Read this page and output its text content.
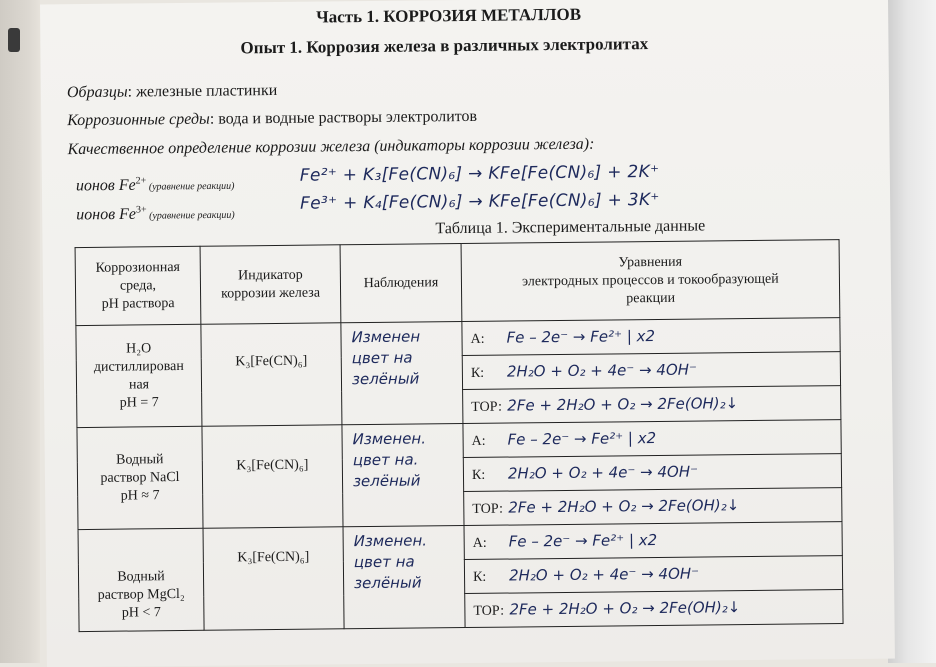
Часть 1. КОРРОЗИЯ МЕТАЛЛОВ
Опыт 1. Коррозия железа в различных электролитах
Образцы: железные пластинки
Коррозионные среды: вода и водные растворы электролитов
Качественное определение коррозии железа (индикаторы коррозии железа):
ионов $Fe^{2+}$ (уравнение реакции)
Fe²⁺ + K₃[Fe(CN)₆] → KFe[Fe(CN)₆] + 2K⁺
ионов $Fe^{3+}$ (уравнение реакции)
Fe³⁺ + K₄[Fe(CN)₆] → KFe[Fe(CN)₆] + 3K⁺
Таблица 1. Экспериментальные данные
Коррозионная
среда,
pH раствора	Индикатор
коррозии железа	Наблюдения	Уравнения
электродных процессов и токообразующей
реакции
H₂O
дистиллирован
ная
pH = 7	K₃[Fe(CN)₆]	Изменен
цвет на
зелёный	А: Fe – 2e⁻ → Fe²⁺ | x2
			К: 2H₂O + O₂ + 4e⁻ → 4OH⁻
			ТОР: 2Fe + 2H₂O + O₂ → 2Fe(OH)₂↓
Водный
раствор NaCl
pH ≈ 7	K₃[Fe(CN)₆]	Изменен.
цвет на.
зелёный	А: Fe – 2e⁻ → Fe²⁺ | x2
			К: 2H₂O + O₂ + 4e⁻ → 4OH⁻
			ТОР: 2Fe + 2H₂O + O₂ → 2Fe(OH)₂↓
Водный
раствор MgCl₂
pH < 7	K₃[Fe(CN)₆]	Изменен.
цвет на
зелёный	А: Fe – 2e⁻ → Fe²⁺ | x2
			К: 2H₂O + O₂ + 4e⁻ → 4OH⁻
			ТОР: 2Fe + 2H₂O + O₂ → 2Fe(OH)₂↓
